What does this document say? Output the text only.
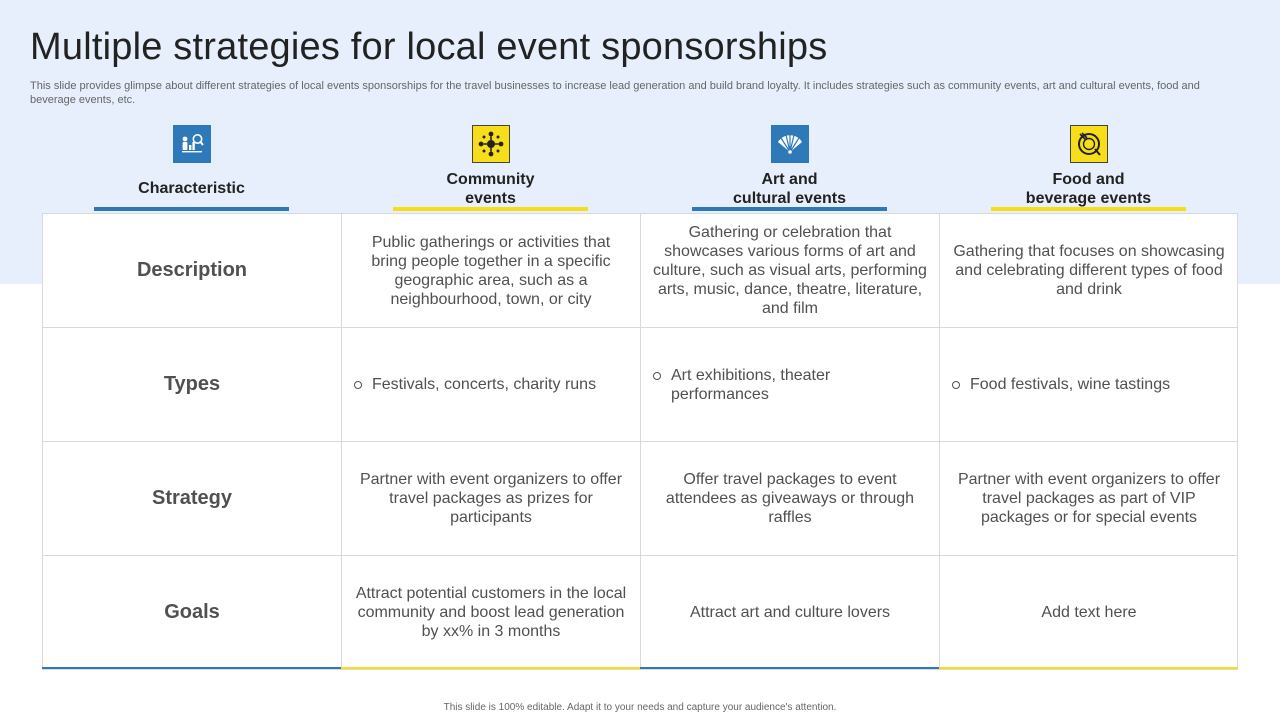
Multiple strategies for local event sponsorships

This slide provides glimpse about different strategies of local events sponsorships for the travel businesses to increase lead generation and build brand loyalty. It includes strategies such as community events, art and cultural events, food and beverage events, etc.

Characteristic
Community
events
Art and
cultural events
Food and
beverage events
Description
Public gatherings or activities that bring people together in a specific geographic area, such as a neighbourhood, town, or city
Gathering or celebration that showcases various forms of art and culture, such as visual arts, performing arts, music, dance, theatre, literature, and film
Gathering that focuses on showcasing and celebrating different types of food and drink
Types	Festivals, concerts, charity runs
Art exhibitions, theater performances
Food festivals, wine tastings
Strategy
Partner with event organizers to offer travel packages as prizes for participants
Offer travel packages to event attendees as giveaways or through raffles
Partner with event organizers to offer travel packages as part of VIP packages or for special events
Goals
Attract potential customers in the local community and boost lead generation by xx% in 3 months
Attract art and culture lovers	Add text here
This slide is 100% editable. Adapt it to your needs and capture your audience's attention.
